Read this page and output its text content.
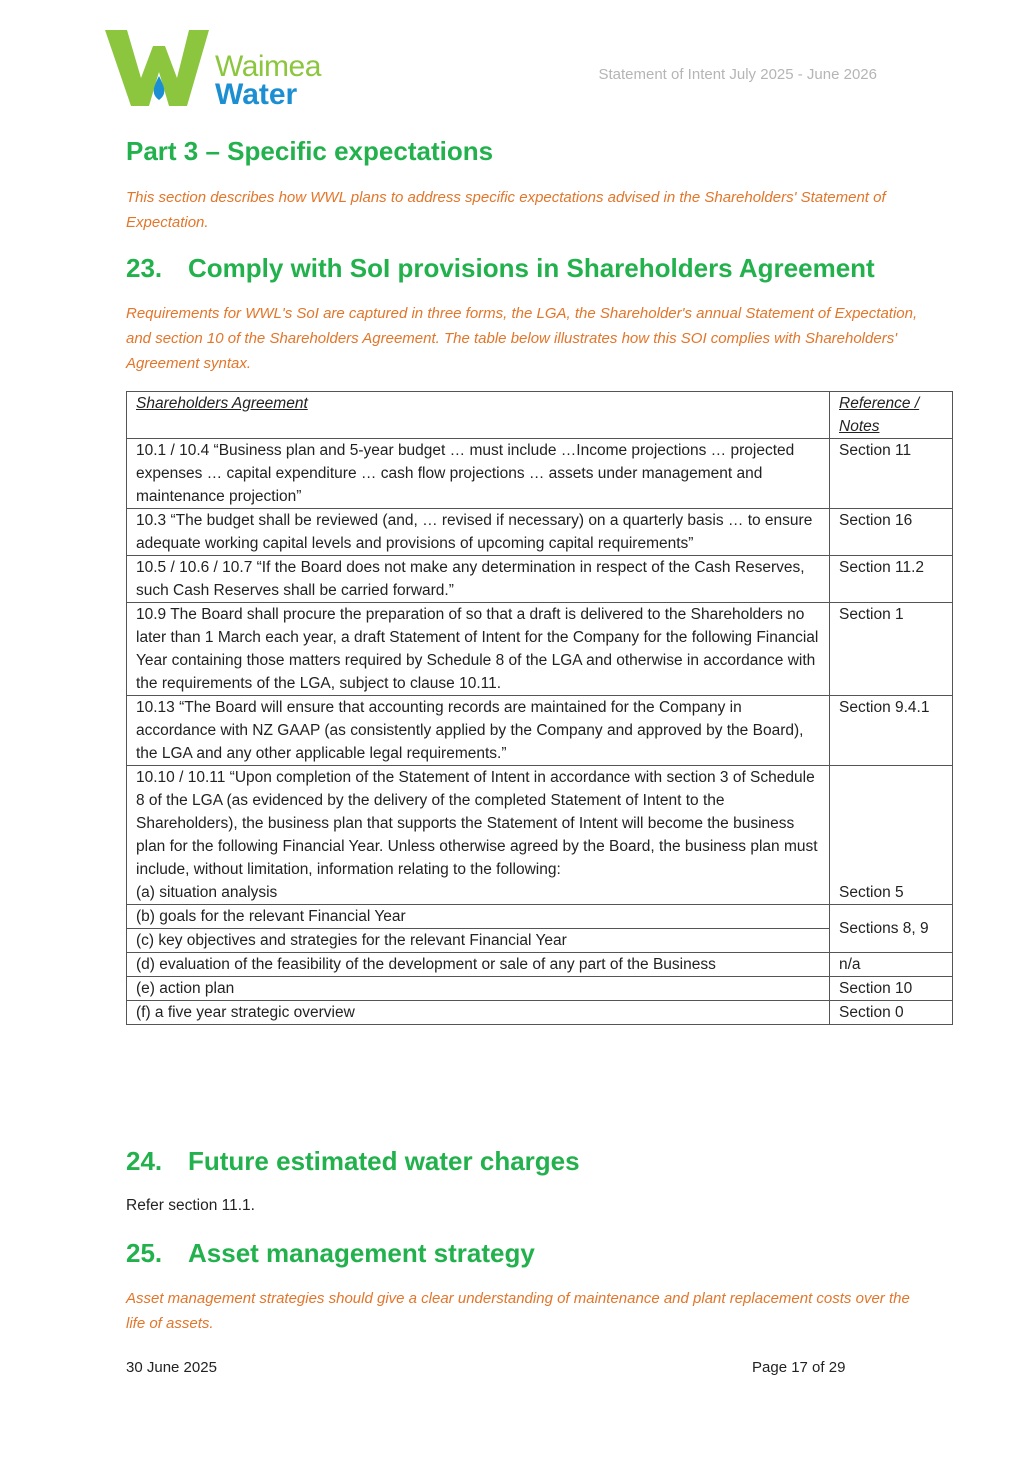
Waimea
Water
Statement of Intent July 2025 - June 2026
Part 3 – Specific expectations

This section describes how WWL plans to address specific expectations advised in the Shareholders' Statement of Expectation.

23. Comply with SoI provisions in Shareholders Agreement

Requirements for WWL's SoI are captured in three forms, the LGA, the Shareholder's annual Statement of Expectation, and section 10 of the Shareholders Agreement. The table below illustrates how this SOI complies with Shareholders' Agreement syntax.

Shareholders Agreement	Reference / Notes
10.1 / 10.4 “Business plan and 5-year budget … must include …Income projections … projected expenses … capital expenditure … cash flow projections … assets under management and maintenance projection”	Section 11
10.3 “The budget shall be reviewed (and, … revised if necessary) on a quarterly basis … to ensure adequate working capital levels and provisions of upcoming capital requirements”	Section 16
10.5 / 10.6 / 10.7 “If the Board does not make any determination in respect of the Cash Reserves, such Cash Reserves shall be carried forward.”	Section 11.2
10.9 The Board shall procure the preparation of so that a draft is delivered to the Shareholders no later than 1 March each year, a draft Statement of Intent for the Company for the following Financial Year containing those matters required by Schedule 8 of the LGA and otherwise in accordance with the requirements of the LGA, subject to clause 10.11.	Section 1
10.13 “The Board will ensure that accounting records are maintained for the Company in accordance with NZ GAAP (as consistently applied by the Company and approved by the Board), the LGA and any other applicable legal requirements.”	Section 9.4.1

10.10 / 10.11 “Upon completion of the Statement of Intent in accordance with section 3 of Schedule 8 of the LGA (as evidenced by the delivery of the completed Statement of Intent to the Shareholders), the business plan that supports the Statement of Intent will become the business plan for the following Financial Year. Unless otherwise agreed by the Board, the business plan must include, without limitation, information relating to the following:
(a) situation analysis	Section 5
(b) goals for the relevant Financial Year	Sections 8, 9
(c) key objectives and strategies for the relevant Financial Year	
(d) evaluation of the feasibility of the development or sale of any part of the Business	n/a
(e) action plan	Section 10
(f) a five year strategic overview	Section 0
24. Future estimated water charges

Refer section 11.1.

25. Asset management strategy

Asset management strategies should give a clear understanding of maintenance and plant replacement costs over the life of assets.

30 June 2025	Page 17 of 29
